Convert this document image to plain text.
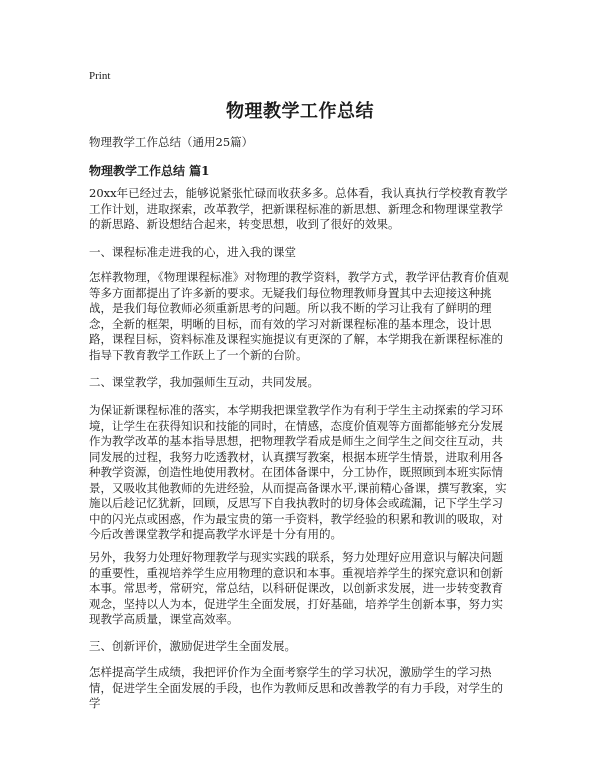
Print
物理教学工作总结
物理教学工作总结（通用25篇）
物理教学工作总结 篇1

20xx年已经过去，能够说紧张忙碌而收获多多。总体看，我认真执行学校教育教学工作计划，进取探索，改革教学，把新课程标准的新思想、新理念和物理课堂教学的新思路、新设想结合起来，转变思想，收到了很好的效果。

一、课程标准走进我的心，进入我的课堂

怎样教物理，《物理课程标准》对物理的教学资料，教学方式，教学评估教育价值观等多方面都提出了许多新的要求。无疑我们每位物理教师身置其中去迎接这种挑战，是我们每位教师必须重新思考的问题。所以我不断的学习让我有了鲜明的理念，全新的框架，明晰的目标，而有效的学习对新课程标准的基本理念，设计思路，课程目标，资料标准及课程实施提议有更深的了解，本学期我在新课程标准的指导下教育教学工作跃上了一个新的台阶。

二、课堂教学，我加强师生互动，共同发展。

为保证新课程标准的落实，本学期我把课堂教学作为有利于学生主动探索的学习环境，让学生在获得知识和技能的同时，在情感，态度价值观等方面都能够充分发展作为教学改革的基本指导思想，把物理教学看成是师生之间学生之间交往互动，共同发展的过程，我努力吃透教材，认真撰写教案，根据本班学生情景，进取利用各种教学资源，创造性地使用教材。在团体备课中，分工协作，既照顾到本班实际情景，又吸收其他教师的先进经验，从而提高备课水平,课前精心备课，撰写教案，实施以后趁记忆犹新，回顾，反思写下自我执教时的切身体会或疏漏，记下学生学习中的闪光点或困惑，作为最宝贵的第一手资料，教学经验的积累和教训的吸取，对今后改善课堂教学和提高教学水评是十分有用的。

另外，我努力处理好物理教学与现实实践的联系，努力处理好应用意识与解决问题的重要性，重视培养学生应用物理的意识和本事。重视培养学生的探究意识和创新本事。常思考，常研究，常总结，以科研促课改，以创新求发展，进一步转变教育观念，坚持以人为本，促进学生全面发展，打好基础，培养学生创新本事，努力实现教学高质量，课堂高效率。

三、创新评价，激励促进学生全面发展。

怎样提高学生成绩，我把评价作为全面考察学生的学习状况，激励学生的学习热情，促进学生全面发展的手段，也作为教师反思和改善教学的有力手段，对学生的学
